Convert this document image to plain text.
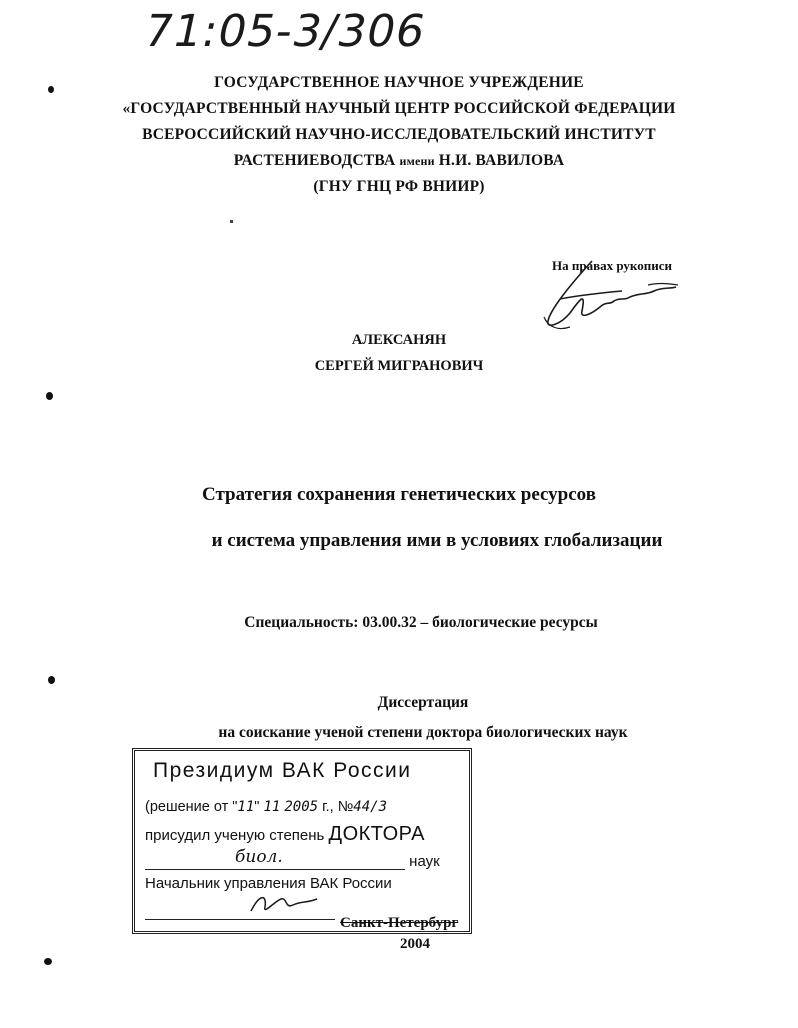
71:05-3/306
ГОСУДАРСТВЕННОЕ НАУЧНОЕ УЧРЕЖДЕНИЕ
«ГОСУДАРСТВЕННЫЙ НАУЧНЫЙ ЦЕНТР РОССИЙСКОЙ ФЕДЕРАЦИИ
ВСЕРОССИЙСКИЙ НАУЧНО-ИССЛЕДОВАТЕЛЬСКИЙ ИНСТИТУТ
РАСТЕНИЕВОДСТВА имени Н.И. ВАВИЛОВА
(ГНУ ГНЦ РФ ВНИИР)
На правах рукописи
АЛЕКСАНЯН
СЕРГЕЙ МИГРАНОВИЧ
Стратегия сохранения генетических ресурсов
и система управления ими в условиях глобализации
Специальность: 03.00.32 – биологические ресурсы
Диссертация
на соискание ученой степени доктора биологических наук
Президиум ВАК России
(решение от "11" 11 2005 г., №44/3
присудил ученую степень ДОКТОРА
биол.	наук
Начальник управления ВАК России
Санкт-Петербург
2004
